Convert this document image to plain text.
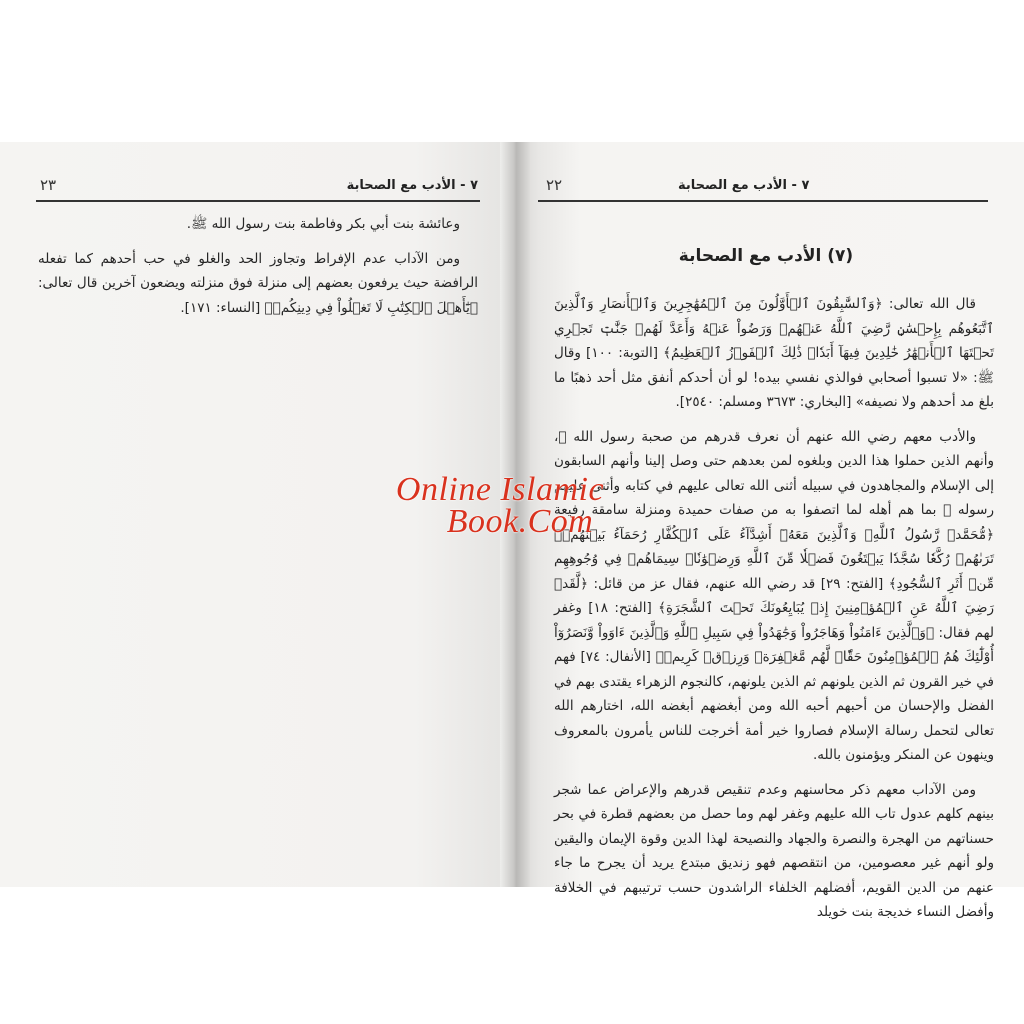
٢٣	٧ - الأدب مع الصحابة

وعائشة بنت أبي بكر وفاطمة بنت رسول الله ﷺ.

ومن الآداب عدم الإفراط وتجاوز الحد والغلو في حب أحدهم كما تفعله الرافضة حيث يرفعون بعضهم إلى منزلة فوق منزلته ويضعون آخرين قال تعالى: ﴿يَٰٓأَهۡلَ ٱلۡكِتَٰبِ لَا تَغۡلُواْ فِي دِينِكُمۡ﴾ [النساء: ١٧١].

٢٢	٧ - الأدب مع الصحابة
(٧) الأدب مع الصحابة

قال الله تعالى: ﴿وَٱلسَّٰبِقُونَ ٱلۡأَوَّلُونَ مِنَ ٱلۡمُهَٰجِرِينَ وَٱلۡأَنصَارِ وَٱلَّذِينَ ٱتَّبَعُوهُم بِإِحۡسَٰنٖ رَّضِيَ ٱللَّهُ عَنۡهُمۡ وَرَضُواْ عَنۡهُ وَأَعَدَّ لَهُمۡ جَنَّٰتٖ تَجۡرِي تَحۡتَهَا ٱلۡأَنۡهَٰرُ خَٰلِدِينَ فِيهَآ أَبَدٗاۚ ذَٰلِكَ ٱلۡفَوۡزُ ٱلۡعَظِيمُ﴾ [التوبة: ١٠٠] وقال ﷺ: «لا تسبوا أصحابي فوالذي نفسي بيده! لو أن أحدكم أنفق مثل أحد ذهبًا ما بلغ مد أحدهم ولا نصيفه» [البخاري: ٣٦٧٣ ومسلم: ٢٥٤٠].

والأدب معهم رضي الله عنهم أن نعرف قدرهم من صحبة رسول الله ﷺ، وأنهم الذين حملوا هذا الدين وبلغوه لمن بعدهم حتى وصل إلينا وأنهم السابقون إلى الإسلام والمجاهدون في سبيله أثنى الله تعالى عليهم في كتابه وأثنى عليهم رسوله ﷺ بما هم أهله لما اتصفوا به من صفات حميدة ومنزلة سامقة رفيعة ﴿مُّحَمَّدٞ رَّسُولُ ٱللَّهِۚ وَٱلَّذِينَ مَعَهُۥٓ أَشِدَّآءُ عَلَى ٱلۡكُفَّارِ رُحَمَآءُ بَيۡنَهُمۡۖ تَرَىٰهُمۡ رُكَّعٗا سُجَّدٗا يَبۡتَغُونَ فَضۡلٗا مِّنَ ٱللَّهِ وَرِضۡوَٰنٗاۖ سِيمَاهُمۡ فِي وُجُوهِهِم مِّنۡ أَثَرِ ٱلسُّجُودِ﴾ [الفتح: ٢٩] قد رضي الله عنهم، فقال عز من قائل: ﴿لَّقَدۡ رَضِيَ ٱللَّهُ عَنِ ٱلۡمُؤۡمِنِينَ إِذۡ يُبَايِعُونَكَ تَحۡتَ ٱلشَّجَرَةِ﴾ [الفتح: ١٨] وغفر لهم فقال: ﴿وَٱلَّذِينَ ءَامَنُواْ وَهَاجَرُواْ وَجَٰهَدُواْ فِي سَبِيلِ ٱللَّهِ وَٱلَّذِينَ ءَاوَواْ وَّنَصَرُوٓاْ أُوْلَٰٓئِكَ هُمُ ٱلۡمُؤۡمِنُونَ حَقّٗاۚ لَّهُم مَّغۡفِرَةٞ وَرِزۡقٞ كَرِيمٞ﴾ [الأنفال: ٧٤] فهم في خير القرون ثم الذين يلونهم ثم الذين يلونهم، كالنجوم الزهراء يقتدى بهم في الفضل والإحسان من أحبهم أحبه الله ومن أبغضهم أبغضه الله، اختارهم الله تعالى لتحمل رسالة الإسلام فصاروا خير أمة أخرجت للناس يأمرون بالمعروف وينهون عن المنكر ويؤمنون بالله.

ومن الآداب معهم ذكر محاسنهم وعدم تنقيص قدرهم والإعراض عما شجر بينهم كلهم عدول تاب الله عليهم وغفر لهم وما حصل من بعضهم قطرة في بحر حسناتهم من الهجرة والنصرة والجهاد والنصيحة لهذا الدين وقوة الإيمان واليقين ولو أنهم غير معصومين، من انتقصهم فهو زنديق مبتدع يريد أن يجرح ما جاء عنهم من الدين القويم، أفضلهم الخلفاء الراشدون حسب ترتيبهم في الخلافة وأفضل النساء خديجة بنت خويلد

Online Islamic
Book.Com
